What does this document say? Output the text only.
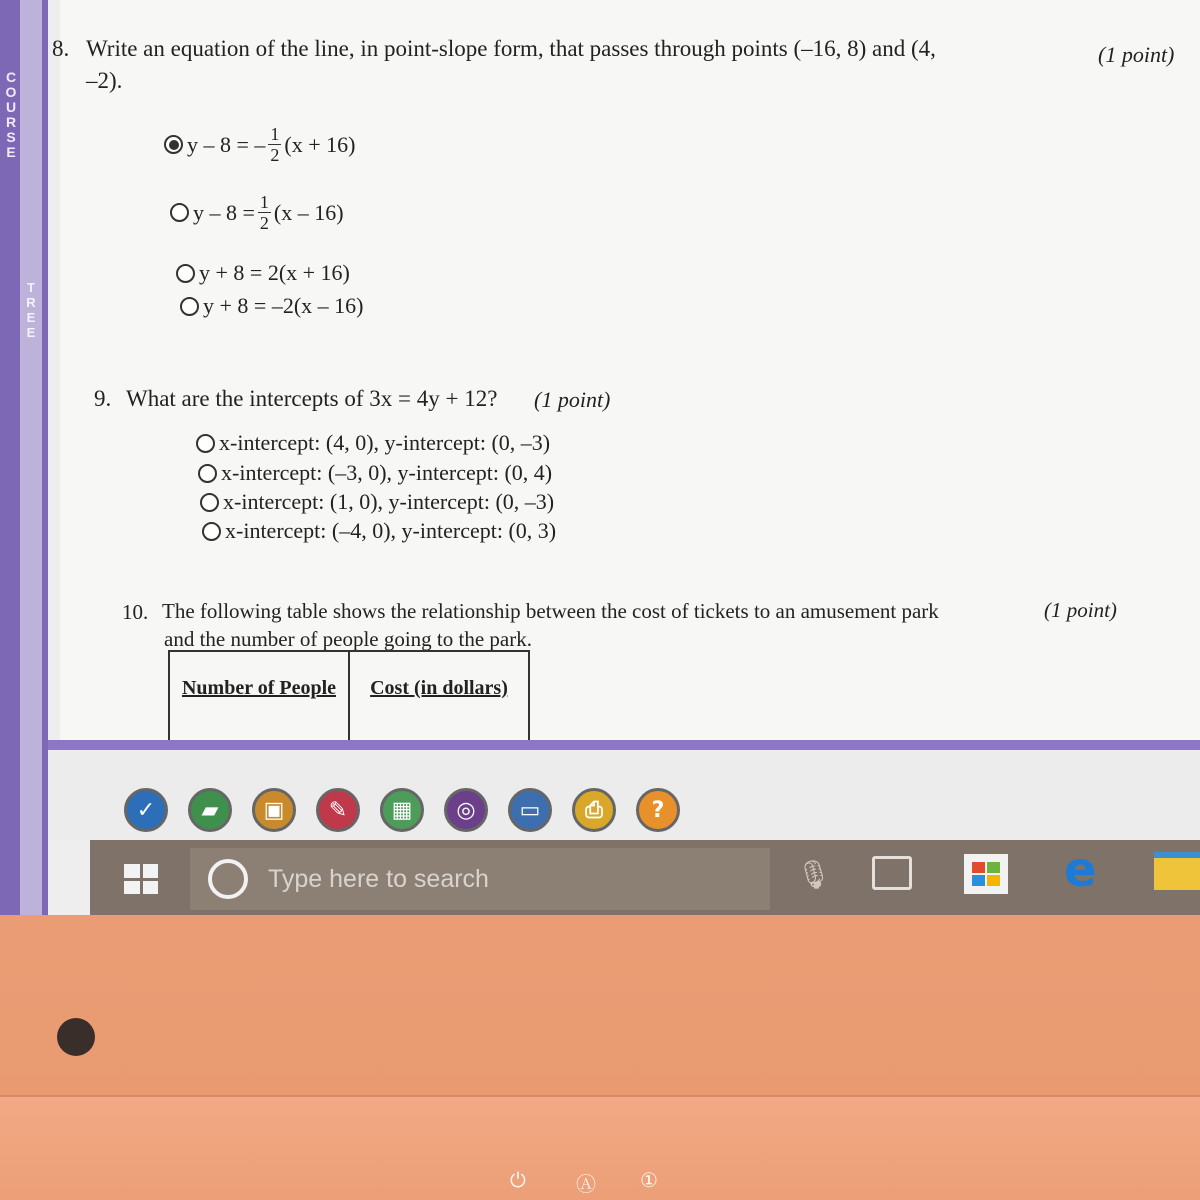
C O U R S E
T R E E
8. Write an equation of the line, in point-slope form, that passes through points (–16, 8) and (4,
–2).
(1 point)
y – 8 = – $\frac{1}{2} (x + 16)$
$y - 8 = \frac{1}{2} (x - 16)$
y + 8 = 2(x + 16)
y + 8 = –2(x – 16)
9. What are the intercepts of 3x = 4y + 12? (1 point)
x-intercept: (4, 0), y-intercept: (0, –3)
x-intercept: (–3, 0), y-intercept: (0, 4)
x-intercept: (1, 0), y-intercept: (0, –3)
x-intercept: (–4, 0), y-intercept: (0, 3)
10. The following table shows the relationship between the cost of tickets to an amusement park
and the number of people going to the park.
(1 point)
Number of People	Cost (in dollars)
✓	▰	▣	✎	▦	◎	▭	⎙	?
Type here to search	🎙	e
⏻	Ⓐ ①
